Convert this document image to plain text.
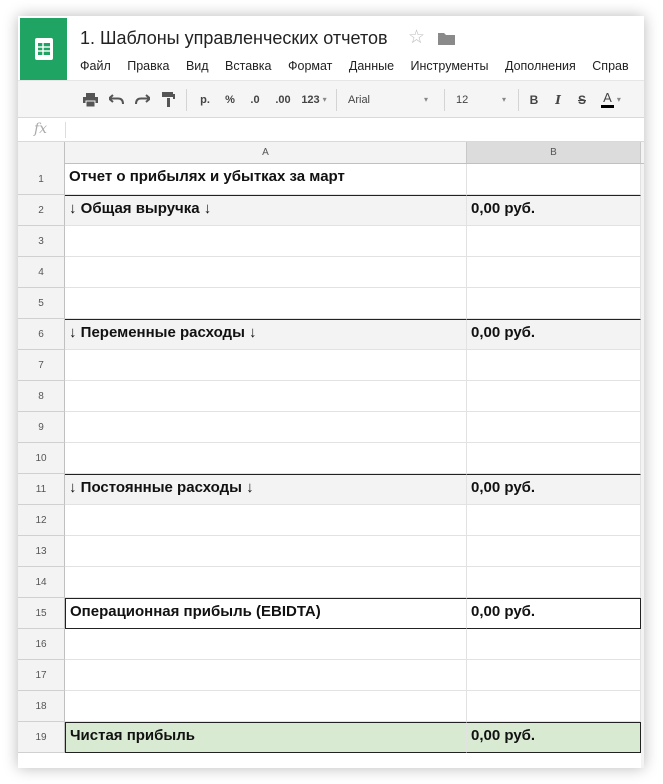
1. Шаблоны управленческих отчетов ☆
Файл Правка Вид Вставка Формат Данные Инструменты Дополнения Справ
р.	%	.0 .00 123 ▾ Arial	▾	12	▾	B	I	S	A ▾
fx
A	B
1	Отчет о прибылях и убытках за март
2	↓ Общая выручка ↓	0,00 руб.
3
4
5
6	↓ Переменные расходы ↓	0,00 руб.
7
8
9
10
11	↓ Постоянные расходы ↓	0,00 руб.
12
13
14
15	Операционная прибыль (EBIDTA)	0,00 руб.
16
17
18
19	Чистая прибыль	0,00 руб.
